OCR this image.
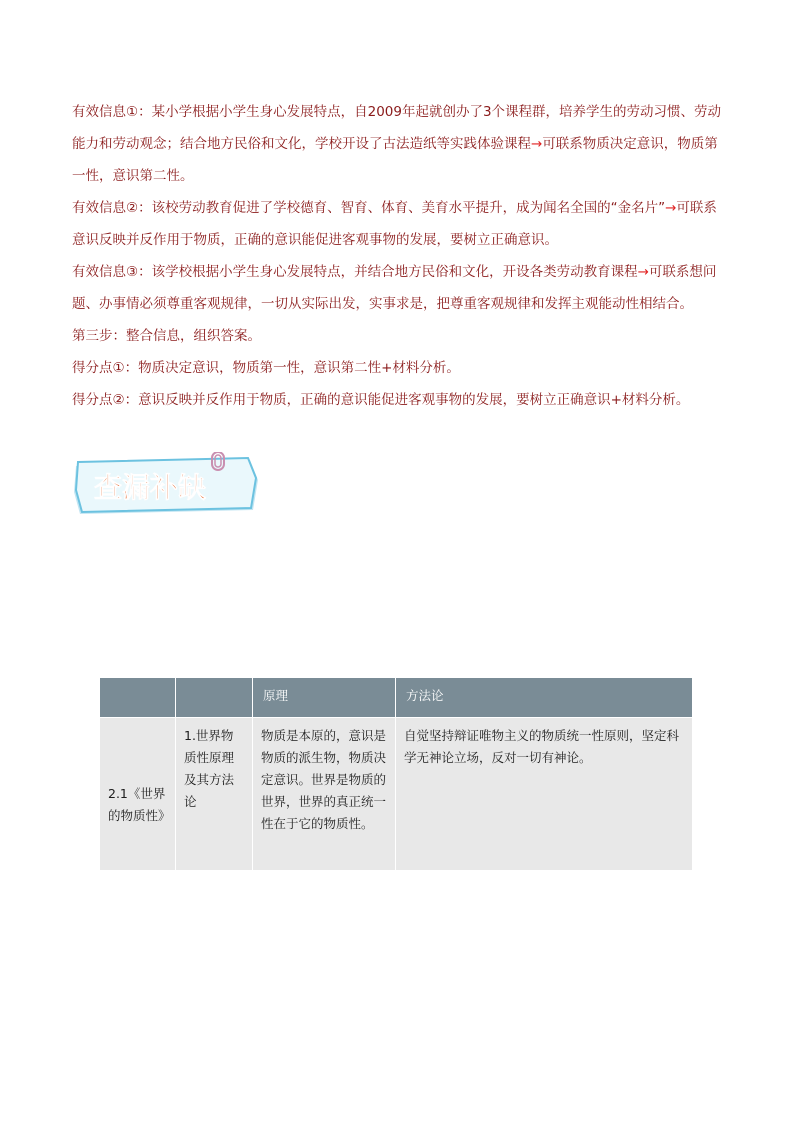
有效信息①：某小学根据小学生身心发展特点，自2009年起就创办了3个课程群，培养学生的劳动习惯、劳动能力和劳动观念；结合地方民俗和文化，学校开设了古法造纸等实践体验课程→可联系物质决定意识，物质第一性，意识第二性。

有效信息②：该校劳动教育促进了学校德育、智育、体育、美育水平提升，成为闻名全国的“金名片”→可联系意识反映并反作用于物质，正确的意识能促进客观事物的发展，要树立正确意识。

有效信息③：该学校根据小学生身心发展特点，并结合地方民俗和文化，开设各类劳动教育课程→可联系想问题、办事情必须尊重客观规律，一切从实际出发，实事求是，把尊重客观规律和发挥主观能动性相结合。

第三步：整合信息，组织答案。

得分点①：物质决定意识，物质第一性，意识第二性+材料分析。

得分点②：意识反映并反作用于物质，正确的意识能促进客观事物的发展，要树立正确意识+材料分析。

查漏补缺
		原理	方法论
2.1《世界的物质性》	1.世界物质性原理及其方法论	物质是本原的，意识是物质的派生物，物质决定意识。世界是物质的世界，世界的真正统一性在于它的物质性。	自觉坚持辩证唯物主义的物质统一性原则，坚定科学无神论立场，反对一切有神论。
